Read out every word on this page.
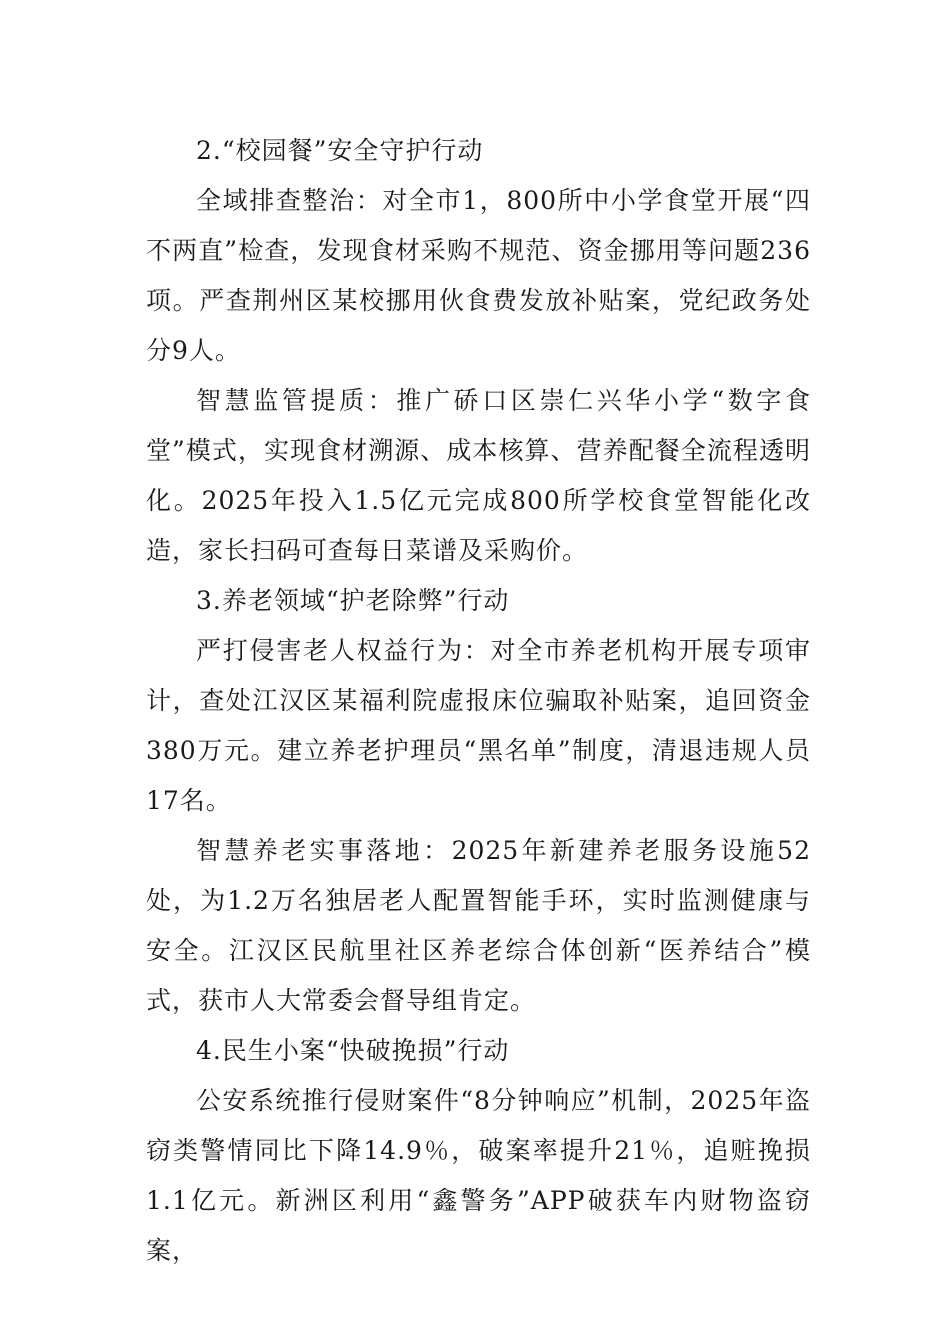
2.“校园餐”安全守护行动

全域排查整治：对全市1，800所中小学食堂开展“四不两直”检查，发现食材采购不规范、资金挪用等问题236项。严查荆州区某校挪用伙食费发放补贴案，党纪政务处分9人。

智慧监管提质：推广硚口区崇仁兴华小学“数字食堂”模式，实现食材溯源、成本核算、营养配餐全流程透明化。2025年投入1.5亿元完成800所学校食堂智能化改造，家长扫码可查每日菜谱及采购价。

3.养老领域“护老除弊”行动

严打侵害老人权益行为：对全市养老机构开展专项审计，查处江汉区某福利院虚报床位骗取补贴案，追回资金380万元。建立养老护理员“黑名单”制度，清退违规人员17名。

智慧养老实事落地：2025年新建养老服务设施52处，为1.2万名独居老人配置智能手环，实时监测健康与安全。江汉区民航里社区养老综合体创新“医养结合”模式，获市人大常委会督导组肯定。

4.民生小案“快破挽损”行动

公安系统推行侵财案件“8分钟响应”机制，2025年盗窃类警情同比下降14.9％，破案率提升21％，追赃挽损1.1亿元。新洲区利用“鑫警务”APP破获车内财物盗窃案，
